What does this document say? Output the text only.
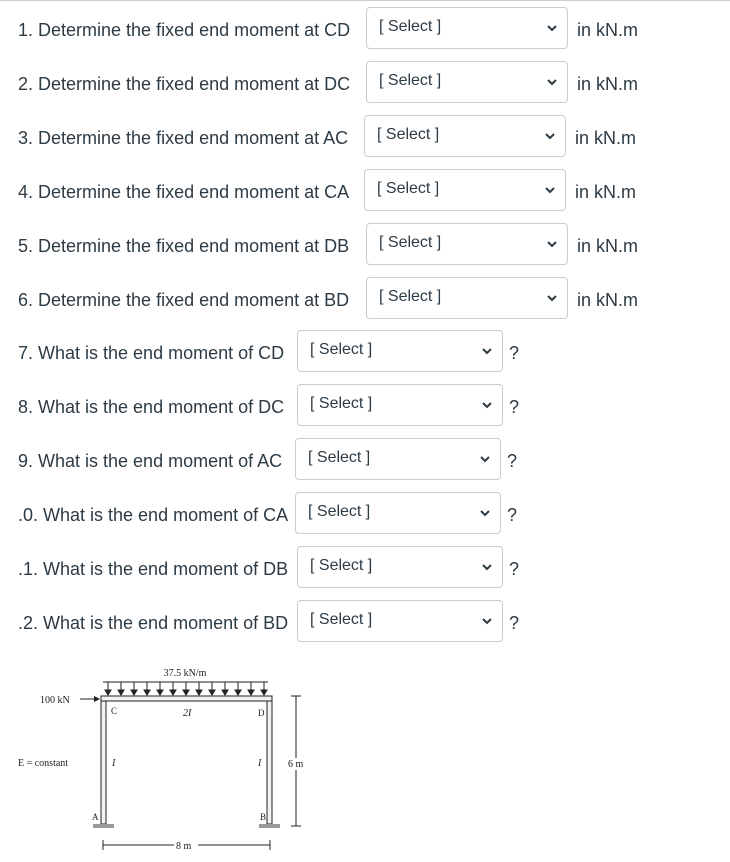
1. Determine the fixed end moment at CD [ Select ]	in kN.m
2. Determine the fixed end moment at DC [ Select ]	in kN.m
3. Determine the fixed end moment at AC [ Select ]	in kN.m
4. Determine the fixed end moment at CA [ Select ]	in kN.m
5. Determine the fixed end moment at DB [ Select ]	in kN.m
6. Determine the fixed end moment at BD [ Select ]	in kN.m
7. What is the end moment of CD [ Select ]	?
8. What is the end moment of DC [ Select ]	?
9. What is the end moment of AC [ Select ]	?
.0. What is the end moment of CA [ Select ]	?
.1. What is the end moment of DB [ Select ]	?
.2. What is the end moment of BD [ Select ]	?
37.5 kN/m
100 kN
C	D
A	B
2I
I	I
E = constant	6 m
8 m
